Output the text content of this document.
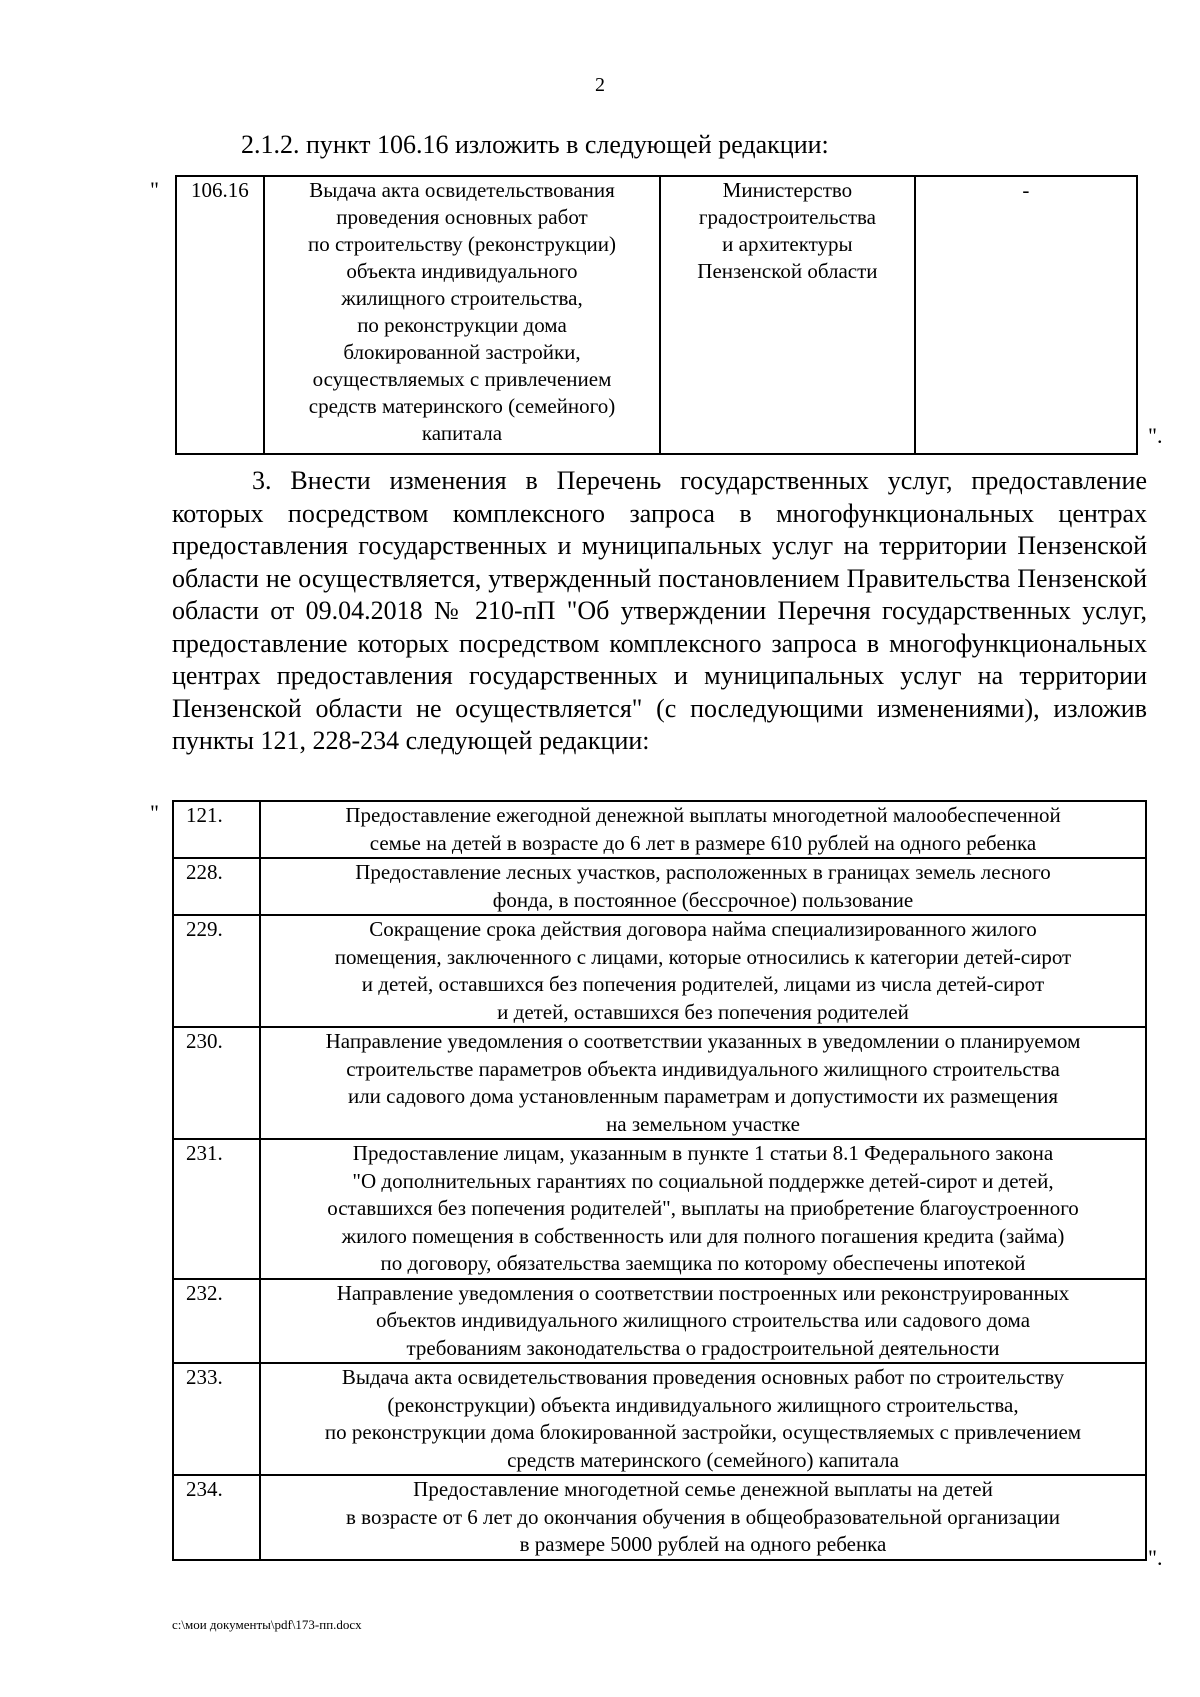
2
2.1.2. пункт 106.16 изложить в следующей редакции:
" 106.16	Выдача акта освидетельствования
проведения основных работ
по строительству (реконструкции)
объекта индивидуального
жилищного строительства,
по реконструкции дома
блокированной застройки,
осуществляемых с привлечением
средств материнского (семейного)
капитала	Министерство
градостроительства
и архитектуры
Пензенской области	-
".
3. Внести изменения в Перечень государственных услуг, предоставление которых посредством комплексного запроса в многофункциональных центрах предоставления государственных и муниципальных услуг на территории Пензенской области не осуществляется, утвержденный постановлением Правительства Пензенской области от 09.04.2018 № 210-пП "Об утверждении Перечня государственных услуг, предоставление которых посредством комплексного запроса в многофункциональных центрах предоставления государственных и муниципальных услуг на территории Пензенской области не осуществляется" (с последующими изменениями), изложив пункты 121, 228-234 следующей редакции:
" 121.	Предоставление ежегодной денежной выплаты многодетной малообеспеченной
семье на детей в возрасте до 6 лет в размере 610 рублей на одного ребенка
228.	Предоставление лесных участков, расположенных в границах земель лесного
фонда, в постоянное (бессрочное) пользование
229.	Сокращение срока действия договора найма специализированного жилого
помещения, заключенного с лицами, которые относились к категории детей-сирот
и детей, оставшихся без попечения родителей, лицами из числа детей-сирот
и детей, оставшихся без попечения родителей
230.	Направление уведомления о соответствии указанных в уведомлении о планируемом
строительстве параметров объекта индивидуального жилищного строительства
или садового дома установленным параметрам и допустимости их размещения
на земельном участке
231.	Предоставление лицам, указанным в пункте 1 статьи 8.1 Федерального закона
"О дополнительных гарантиях по социальной поддержке детей-сирот и детей,
оставшихся без попечения родителей", выплаты на приобретение благоустроенного
жилого помещения в собственность или для полного погашения кредита (займа)
по договору, обязательства заемщика по которому обеспечены ипотекой
232.	Направление уведомления о соответствии построенных или реконструированных
объектов индивидуального жилищного строительства или садового дома
требованиям законодательства о градостроительной деятельности
233.	Выдача акта освидетельствования проведения основных работ по строительству
(реконструкции) объекта индивидуального жилищного строительства,
по реконструкции дома блокированной застройки, осуществляемых с привлечением
средств материнского (семейного) капитала
234.	Предоставление многодетной семье денежной выплаты на детей
в возрасте от 6 лет до окончания обучения в общеобразовательной организации
в размере 5000 рублей на одного ребенка
".
c:\мои документы\pdf\173-пп.docx
